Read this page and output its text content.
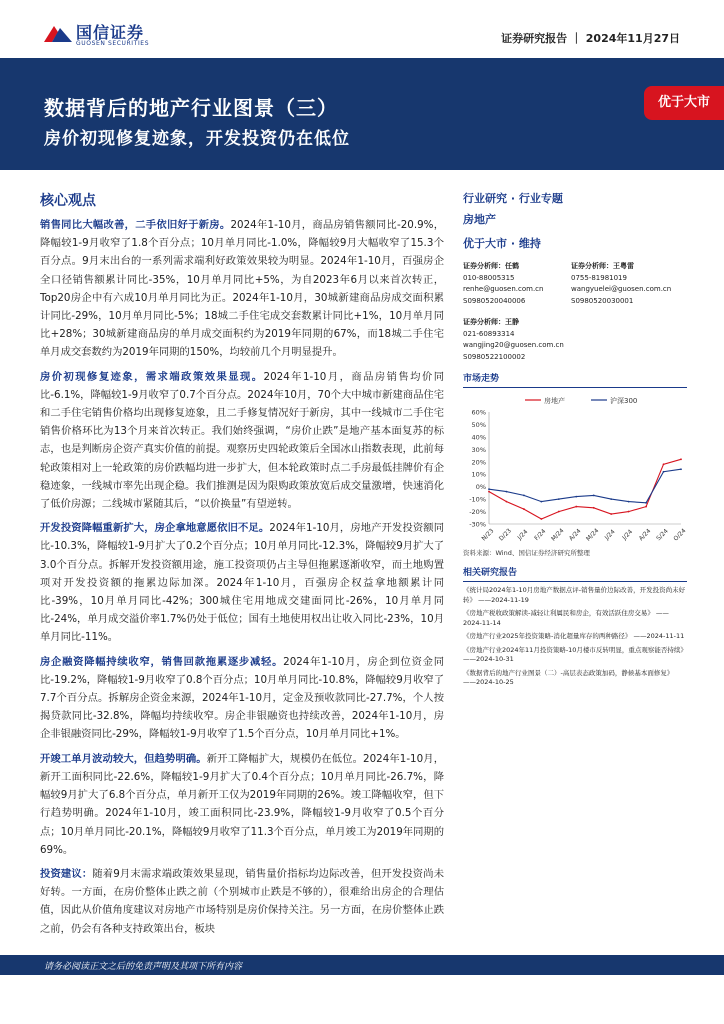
国信证券
GUOSEN SECURITIES	证券研究报告 ｜ 2024年11月27日
数据背后的地产行业图景（三）
房价初现修复迹象，开发投资仍在低位
优于大市
核心观点

销售同比大幅改善，二手依旧好于新房。2024年1-10月，商品房销售额同比-20.9%，降幅较1-9月收窄了1.8个百分点；10月单月同比-1.0%，降幅较9月大幅收窄了15.3个百分点。9月末出台的一系列需求端利好政策效果较为明显。2024年1-10月，百强房企全口径销售额累计同比-35%，10月单月同比+5%，为自2023年6月以来首次转正，Top20房企中有六成10月单月同比为正。2024年1-10月，30城新建商品房成交面积累计同比-29%，10月单月同比-5%；18城二手住宅成交套数累计同比+1%，10月单月同比+28%；30城新建商品房的单月成交面积约为2019年同期的67%，而18城二手住宅单月成交套数约为2019年同期的150%，均较前几个月明显提升。

房价初现修复迹象，需求端政策效果显现。2024年1-10月，商品房销售均价同比-6.1%，降幅较1-9月收窄了0.7个百分点。2024年10月，70个大中城市新建商品住宅和二手住宅销售价格均出现修复迹象，且二手修复情况好于新房，其中一线城市二手住宅销售价格环比为13个月来首次转正。我们始终强调，“房价止跌”是地产基本面复苏的标志，也是判断房企资产真实价值的前提。观察历史四轮政策后全国冰山指数表现，此前每轮政策相对上一轮政策的房价跌幅均进一步扩大，但本轮政策时点二手房最低挂牌价有企稳迹象，一线城市率先出现企稳。我们推测是因为限购政策放宽后成交量激增，快速消化了低价房源；二线城市紧随其后，“以价换量”有望逆转。

开发投资降幅重新扩大，房企拿地意愿依旧不足。2024年1-10月，房地产开发投资额同比-10.3%，降幅较1-9月扩大了0.2个百分点；10月单月同比-12.3%，降幅较9月扩大了3.0个百分点。拆解开发投资额用途，施工投资项仍占主导但拖累逐渐收窄，而土地购置项对开发投资额的拖累边际加深。2024年1-10月，百强房企权益拿地额累计同比-39%，10月单月同比-42%；300城住宅用地成交建面同比-26%，10月单月同比-24%，单月成交溢价率1.7%仍处于低位；国有土地使用权出让收入同比-23%，10月单月同比-11%。

房企融资降幅持续收窄，销售回款拖累逐步减轻。2024年1-10月，房企到位资金同比-19.2%，降幅较1-9月收窄了0.8个百分点；10月单月同比-10.8%，降幅较9月收窄了7.7个百分点。拆解房企资金来源，2024年1-10月，定金及预收款同比-27.7%，个人按揭贷款同比-32.8%，降幅均持续收窄。房企非银融资也持续改善，2024年1-10月，房企非银融资同比-29%，降幅较1-9月收窄了1.5个百分点，10月单月同比+1%。

开竣工单月波动较大，但趋势明确。新开工降幅扩大，规模仍在低位。2024年1-10月，新开工面积同比-22.6%，降幅较1-9月扩大了0.4个百分点；10月单月同比-26.7%，降幅较9月扩大了6.8个百分点，单月新开工仅为2019年同期的26%。竣工降幅收窄，但下行趋势明确。2024年1-10月，竣工面积同比-23.9%，降幅较1-9月收窄了0.5个百分点；10月单月同比-20.1%，降幅较9月收窄了11.3个百分点，单月竣工为2019年同期的69%。

投资建议：随着9月末需求端政策效果显现，销售量价指标均边际改善，但开发投资尚未好转。一方面，在房价整体止跌之前（个别城市止跌是不够的），很难给出房企的合理估值，因此从价值角度建议对房地产市场特别是房价保持关注。另一方面，在房价整体止跌之前，仍会有各种支持政策出台，板块

行业研究 · 行业专题
房地产
优于大市 · 维持
证券分析师：任鹤
010-88005315
renhe@guosen.com.cn
S0980520040006
证券分析师：王粤雷
0755-81981019
wangyuelei@guosen.com.cn
S0980520030001
证券分析师：王静
021-60893314
wangjing20@guosen.com.cn
S0980522100002
市场走势
房地产	沪深300
60%
50%
40%
30%
20%
10%
0%
-10%
-20%
-30%
N/23 D/23 J/24 F/24 M/24 A/24 M/24 J/24 J/24 A/24 S/24 O/24
资料来源：Wind、国信证券经济研究所整理
相关研究报告
《统计局2024年1-10月房地产数据点评-销售量价边际改善，开发投资尚未好转》 ——2024-11-19
《房地产税收政策解读-减轻让利属民和房企，有效活跃住房交易》 ——2024-11-14
《房地产行业2025年投资策略-消化超量库存的两种路径》 ——2024-11-11
《房地产行业2024年11月投资策略-10月楼市反转明显，重点观察能否持续》 ——2024-10-31
《数据背后的地产行业图景（二）-高层表态政策加码，静候基本面修复》 ——2024-10-25
请务必阅读正文之后的免责声明及其项下所有内容
